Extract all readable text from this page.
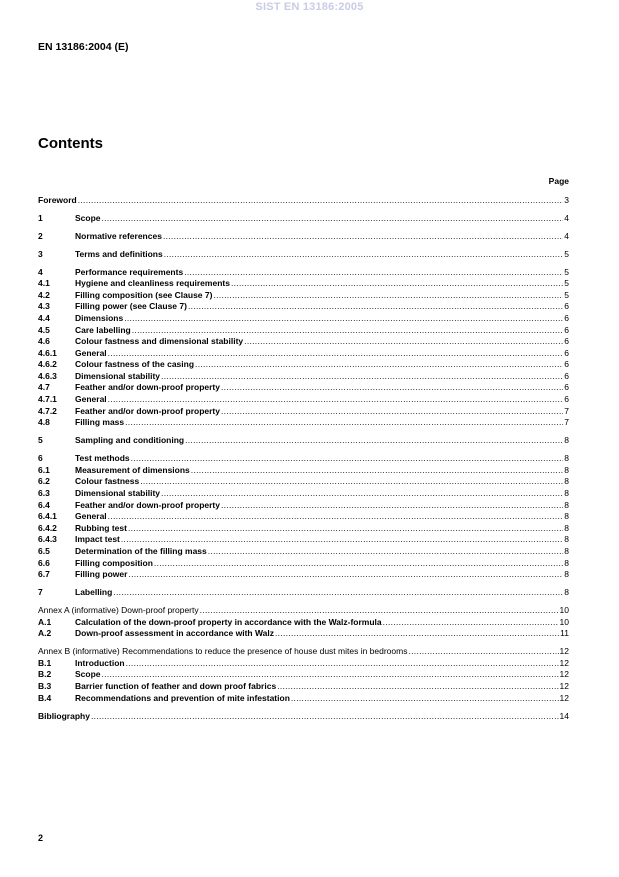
SIST EN 13186:2005
EN 13186:2004 (E)
Contents
Page
Foreword .....	3
1	Scope .....	4
2	Normative references .....	4
3	Terms and definitions .....	5
4	Performance requirements .....	5
4.1	Hygiene and cleanliness requirements .....	5
4.2	Filling composition (see Clause 7) .....	5
4.3	Filling power (see Clause 7) .....	6
4.4	Dimensions .....	6
4.5	Care labelling .....	6
4.6	Colour fastness and dimensional stability .....	6
4.6.1	General .....	6
4.6.2	Colour fastness of the casing .....	6
4.6.3	Dimensional stability .....	6
4.7	Feather and/or down-proof property .....	6
4.7.1	General .....	6
4.7.2	Feather and/or down-proof property .....	7
4.8	Filling mass .....	7
5	Sampling and conditioning .....	8
6	Test methods .....	8
6.1	Measurement of dimensions .....	8
6.2	Colour fastness .....	8
6.3	Dimensional stability .....	8
6.4	Feather and/or down-proof property .....	8
6.4.1	General .....	8
6.4.2	Rubbing test .....	8
6.4.3	Impact test .....	8
6.5	Determination of the filling mass .....	8
6.6	Filling composition .....	8
6.7	Filling power .....	8
7	Labelling .....	8
Annex A (informative) Down-proof property .....	10
A.1	Calculation of the down-proof property in accordance with the Walz-formula .....	10
A.2	Down-proof assessment in accordance with Walz .....	11
Annex B (informative) Recommendations to reduce the presence of house dust mites in bedrooms .....	12
B.1	Introduction .....	12
B.2	Scope .....	12
B.3	Barrier function of feather and down proof fabrics .....	12
B.4	Recommendations and prevention of mite infestation .....	12
Bibliography .....	14
2
